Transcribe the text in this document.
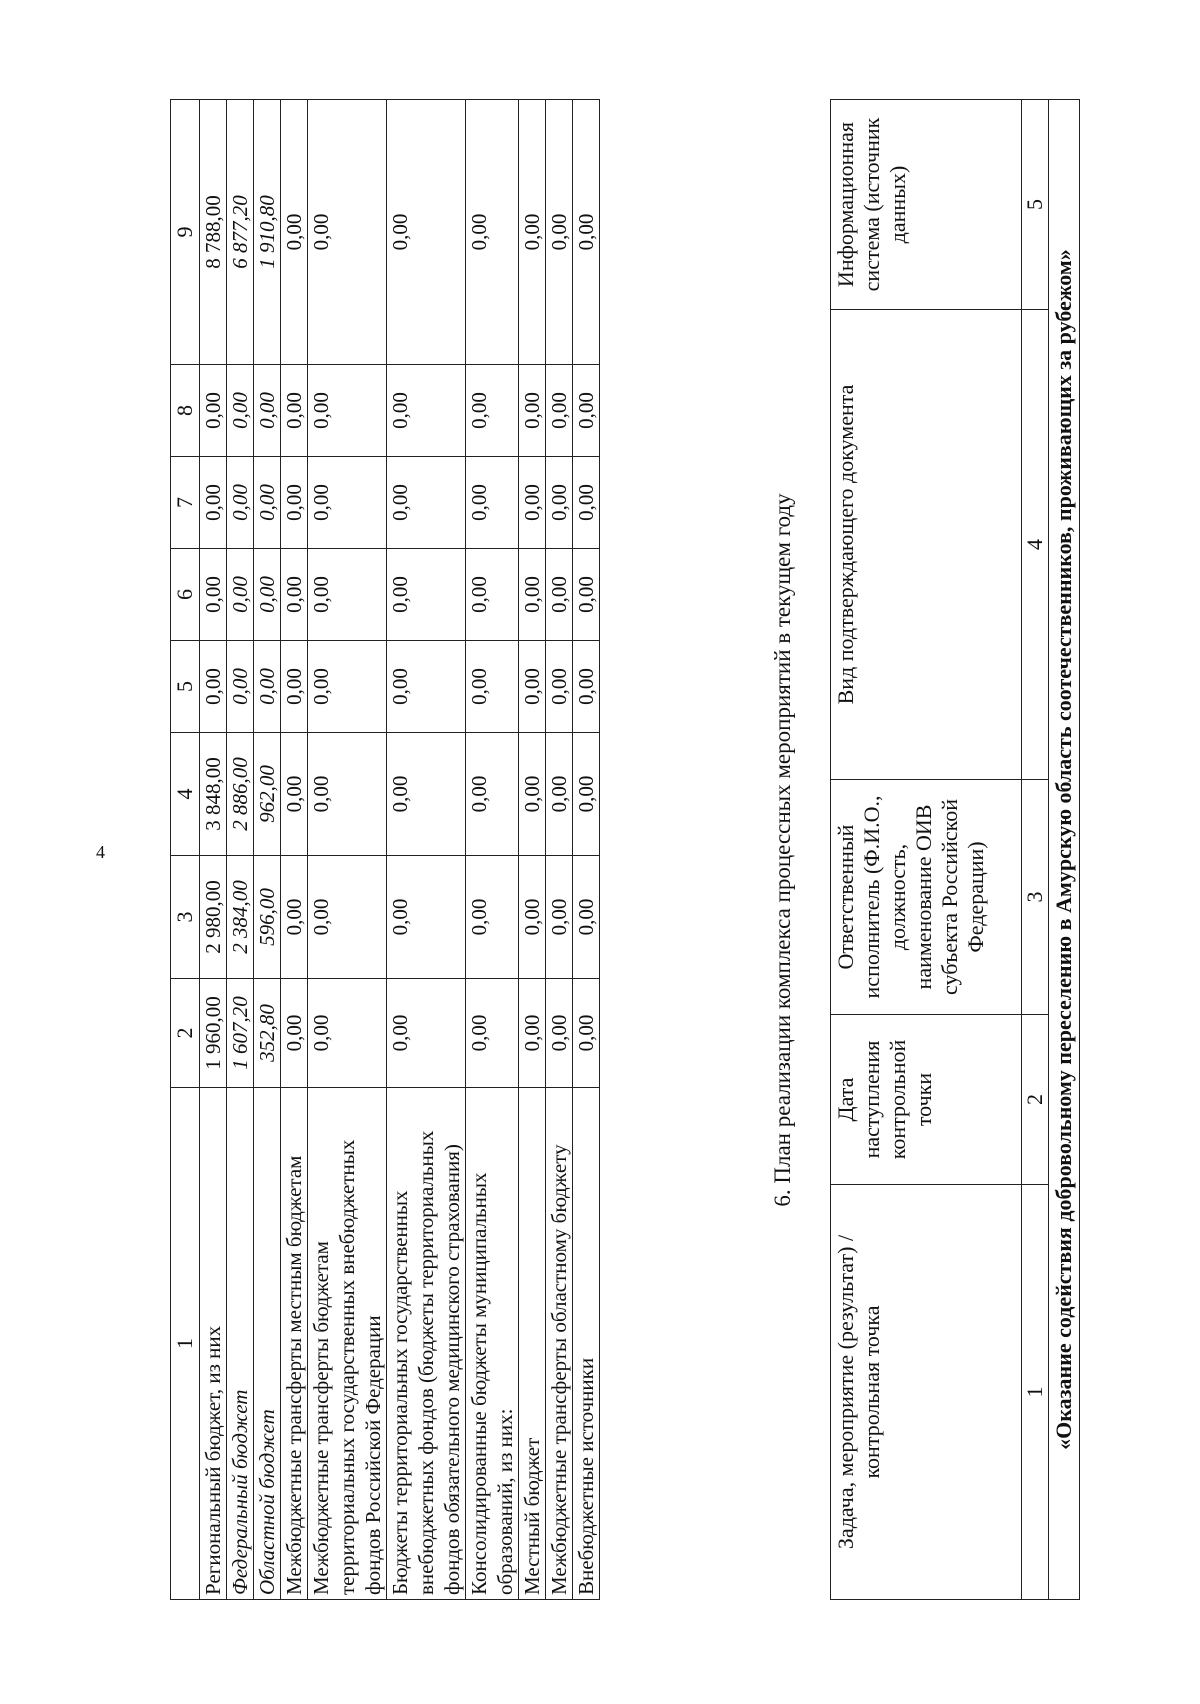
4
1	2	3	4	5	6	7	8	9
Региональный бюджет, из них	1 960,00	2 980,00	3 848,00	0,00	0,00	0,00	0,00	8 788,00
Федеральный бюджет	1 607,20	2 384,00	2 886,00	0,00	0,00	0,00	0,00	6 877,20
Областной бюджет	352,80	596,00	962,00	0,00	0,00	0,00	0,00	1 910,80
Межбюджетные трансферты местным бюджетам	0,00	0,00	0,00	0,00	0,00	0,00	0,00	0,00
Межбюджетные трансферты бюджетам территориальных государственных внебюджетных фондов Российской Федерации	0,00	0,00	0,00	0,00	0,00	0,00	0,00	0,00
Бюджеты территориальных государственных внебюджетных фондов (бюджеты территориальных фондов обязательного медицинского страхования)	0,00	0,00	0,00	0,00	0,00	0,00	0,00	0,00
Консолидированные бюджеты муниципальных образований, из них:	0,00	0,00	0,00	0,00	0,00	0,00	0,00	0,00
Местный бюджет	0,00	0,00	0,00	0,00	0,00	0,00	0,00	0,00
Межбюджетные трансферты областному бюджету	0,00	0,00	0,00	0,00	0,00	0,00	0,00	0,00
Внебюджетные источники	0,00	0,00	0,00	0,00	0,00	0,00	0,00	0,00
6. План реализации комплекса процессных мероприятий в текущем году
Задача, мероприятие (результат) / контрольная точка	Дата наступления контрольной точки	Ответственный исполнитель (Ф.И.О., должность, наименование ОИВ субъекта Российской Федерации)	Вид подтверждающего документа	Информационная система (источник данных)
1	2	3	4	5
«Оказание содействия добровольному переселению в Амурскую область соотечественников, проживающих за рубежом»				
